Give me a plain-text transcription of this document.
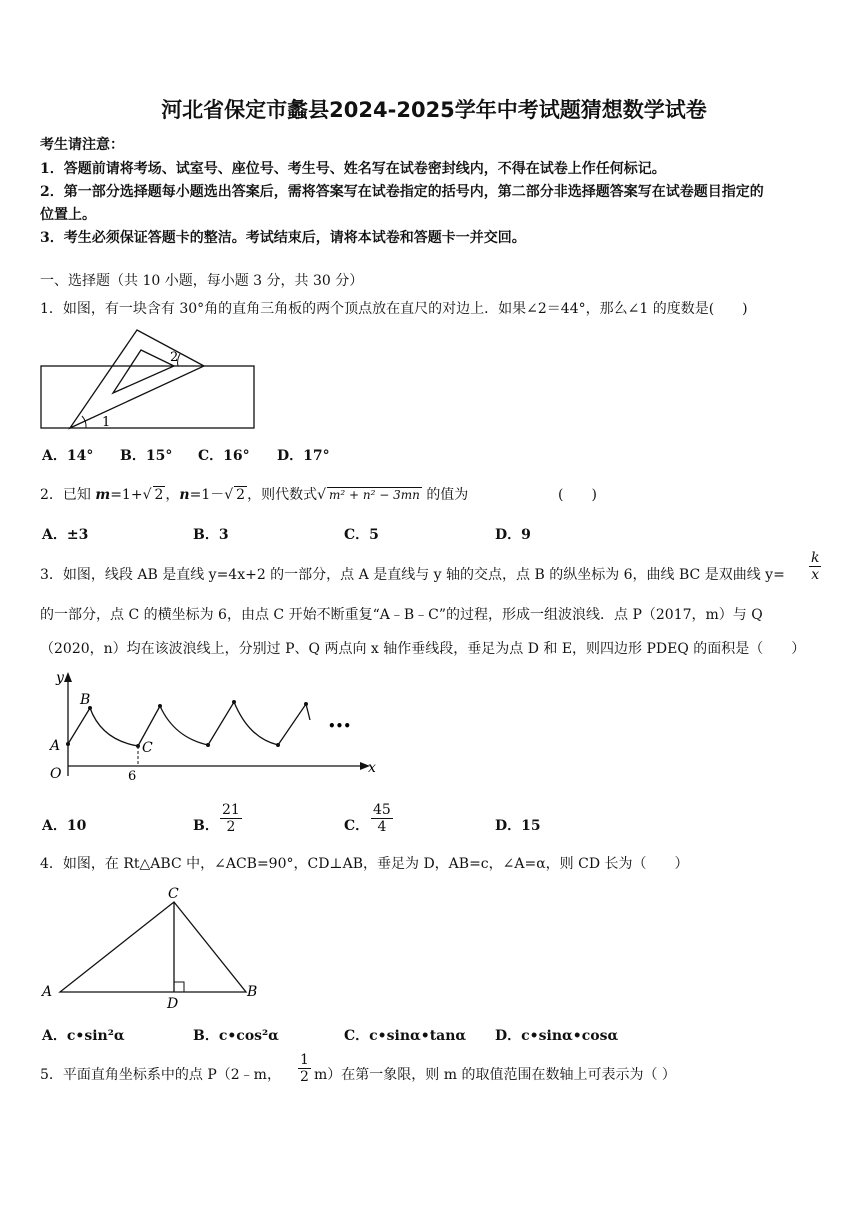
河北省保定市蠡县2024-2025学年中考试题猜想数学试卷
考生请注意：
1．答题前请将考场、试室号、座位号、考生号、姓名写在试卷密封线内，不得在试卷上作任何标记。
2．第一部分选择题每小题选出答案后，需将答案写在试卷指定的括号内，第二部分非选择题答案写在试卷题目指定的
位置上。
3．考生必须保证答题卡的整洁。考试结束后，请将本试卷和答题卡一并交回。
一、选择题（共 10 小题，每小题 3 分，共 30 分）
1．如图，有一块含有 30°角的直角三角板的两个顶点放在直尺的对边上．如果∠2＝44°，那么∠1 的度数是(　　)
2
1
A．14° B．15° C．16° D．17°
2．已知 m=1+√ 2 ，n=1－√ 2 ，则代数式√ m² + n² − 3mn 的值为	(　　)
A．±3	B．3	C．5	D．9
3．如图，线段 AB 是直线 y=4x+2 的一部分，点 A 是直线与 y 轴的交点，点 B 的纵坐标为 6，曲线 BC 是双曲线 $y= \frac{k}{x}$
的一部分，点 C 的横坐标为 6，由点 C 开始不断重复“A﹣B﹣C”的过程，形成一组波浪线．点 P（2017，m）与 Q
（2020，n）均在该波浪线上，分别过 P、Q 两点向 x 轴作垂线段，垂足为点 D 和 E，则四边形 PDEQ 的面积是（　　）
y
x
B
A	C
O	6
•••
A．10	B． $\frac{21}{2}$	C． $\frac{45}{4}$	D．15
4．如图，在 Rt△ABC 中，∠ACB=90°，CD⊥AB，垂足为 D，AB=c，∠A=α，则 CD 长为（　　）
C
A	B
D
A．c•sin²α	B．c•cos²α	C．c•sinα•tanα D．c•sinα•cosα
5．平面直角坐标系中的点 P（2﹣m， $\frac{1}{2} m$）在第一象限，则 m 的取值范围在数轴上可表示为（ ）
